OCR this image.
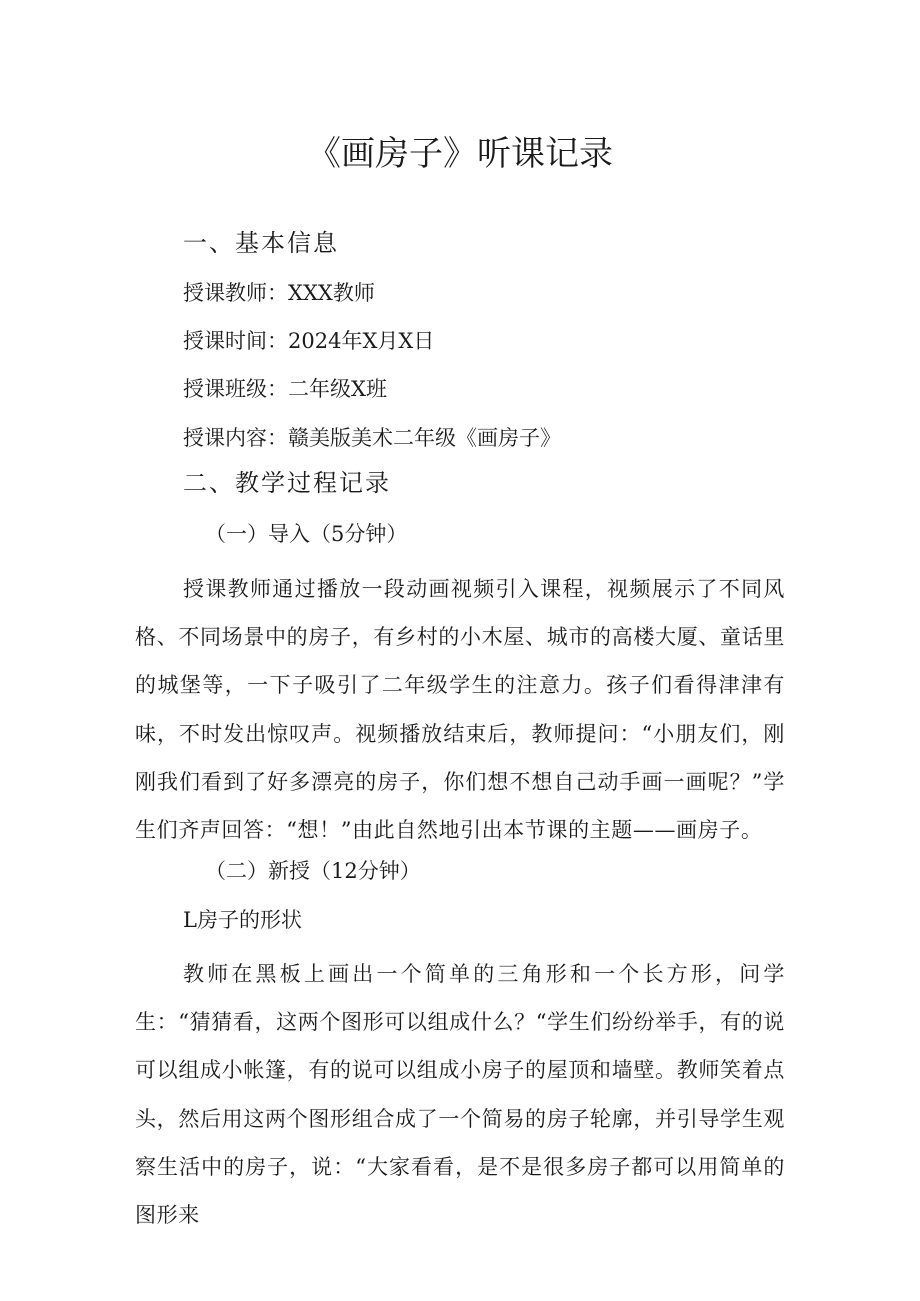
《画房子》听课记录
一、基本信息
授课教师：XXX教师
授课时间：2024年X月X日
授课班级：二年级X班
授课内容：赣美版美术二年级《画房子》
二、教学过程记录
（一）导入（5分钟）

授课教师通过播放一段动画视频引入课程，视频展示了不同风格、不同场景中的房子，有乡村的小木屋、城市的高楼大厦、童话里的城堡等，一下子吸引了二年级学生的注意力。孩子们看得津津有味，不时发出惊叹声。视频播放结束后，教师提问：“小朋友们，刚刚我们看到了好多漂亮的房子，你们想不想自己动手画一画呢？”学生们齐声回答：“想！”由此自然地引出本节课的主题——画房子。

（二）新授（12分钟）
L房子的形状

教师在黑板上画出一个简单的三角形和一个长方形，问学生：“猜猜看，这两个图形可以组成什么？“学生们纷纷举手，有的说可以组成小帐篷，有的说可以组成小房子的屋顶和墙壁。教师笑着点头，然后用这两个图形组合成了一个简易的房子轮廓，并引导学生观察生活中的房子，说：“大家看看，是不是很多房子都可以用简单的图形来
